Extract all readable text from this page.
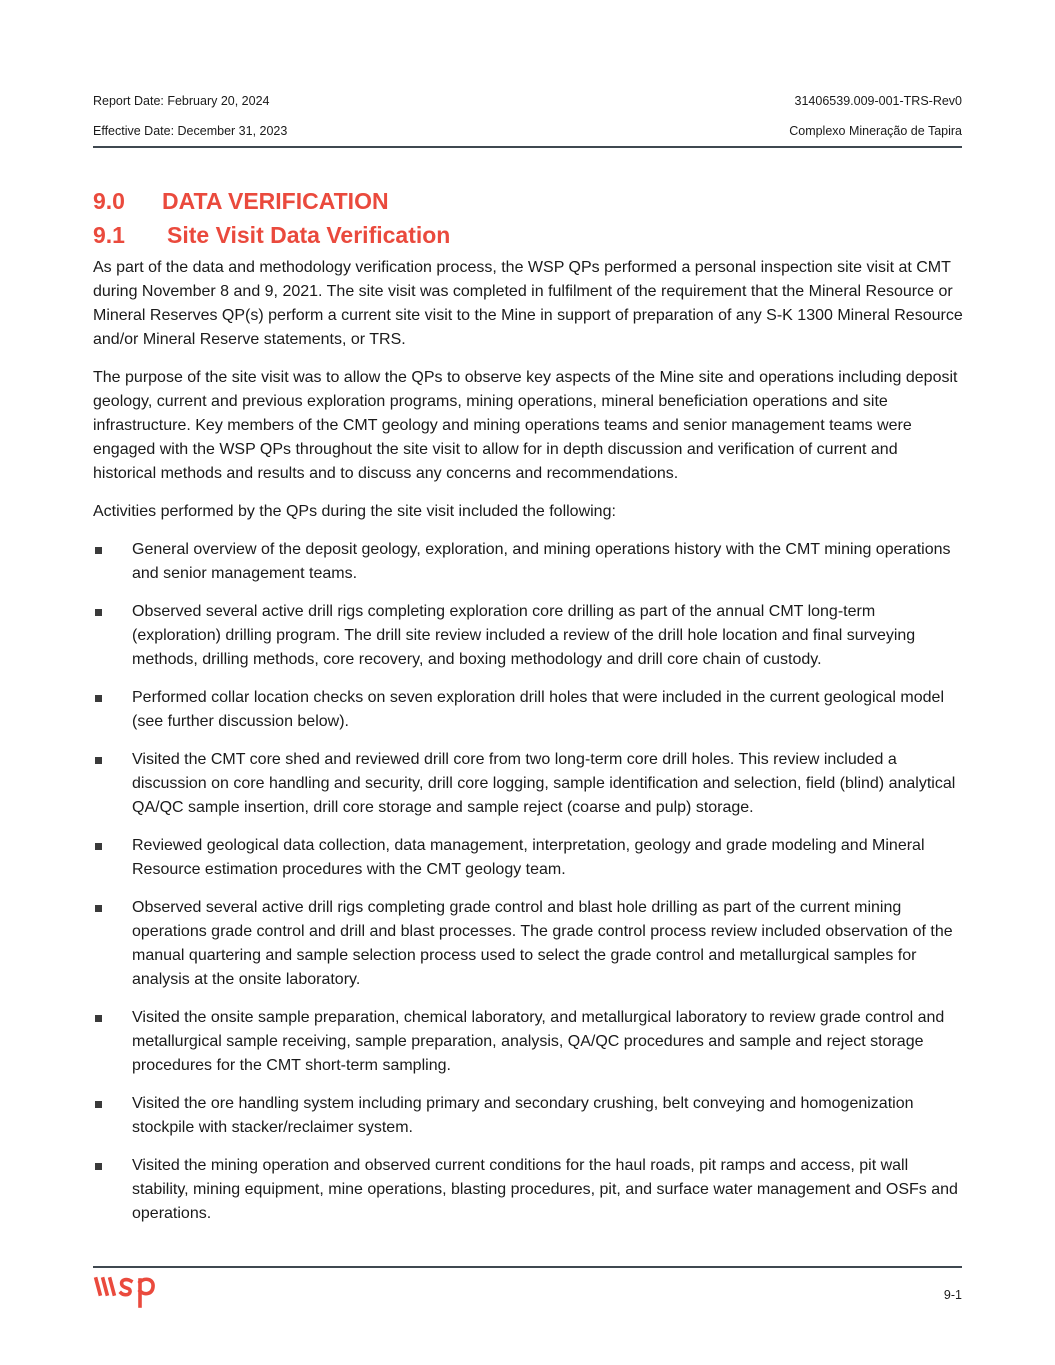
Report Date: February 20, 2024	31406539.009-001-TRS-Rev0
Effective Date: December 31, 2023	Complexo Mineração de Tapira
9.0	DATA VERIFICATION
9.1	Site Visit Data Verification

As part of the data and methodology verification process, the WSP QPs performed a personal inspection site visit at CMT during November 8 and 9, 2021. The site visit was completed in fulfilment of the requirement that the Mineral Resource or Mineral Reserves QP(s) perform a current site visit to the Mine in support of preparation of any S-K 1300 Mineral Resource and/or Mineral Reserve statements, or TRS.

The purpose of the site visit was to allow the QPs to observe key aspects of the Mine site and operations including deposit geology, current and previous exploration programs, mining operations, mineral beneficiation operations and site infrastructure. Key members of the CMT geology and mining operations teams and senior management teams were engaged with the WSP QPs throughout the site visit to allow for in depth discussion and verification of current and historical methods and results and to discuss any concerns and recommendations.

Activities performed by the QPs during the site visit included the following:

General overview of the deposit geology, exploration, and mining operations history with the CMT mining operations and senior management teams.
Observed several active drill rigs completing exploration core drilling as part of the annual CMT long-term (exploration) drilling program. The drill site review included a review of the drill hole location and final surveying methods, drilling methods, core recovery, and boxing methodology and drill core chain of custody.
Performed collar location checks on seven exploration drill holes that were included in the current geological model (see further discussion below).
Visited the CMT core shed and reviewed drill core from two long-term core drill holes. This review included a discussion on core handling and security, drill core logging, sample identification and selection, field (blind) analytical QA/QC sample insertion, drill core storage and sample reject (coarse and pulp) storage.
Reviewed geological data collection, data management, interpretation, geology and grade modeling and Mineral Resource estimation procedures with the CMT geology team.
Observed several active drill rigs completing grade control and blast hole drilling as part of the current mining operations grade control and drill and blast processes. The grade control process review included observation of the manual quartering and sample selection process used to select the grade control and metallurgical samples for analysis at the onsite laboratory.
Visited the onsite sample preparation, chemical laboratory, and metallurgical laboratory to review grade control and metallurgical sample receiving, sample preparation, analysis, QA/QC procedures and sample and reject storage procedures for the CMT short-term sampling.
Visited the ore handling system including primary and secondary crushing, belt conveying and homogenization stockpile with stacker/reclaimer system.
Visited the mining operation and observed current conditions for the haul roads, pit ramps and access, pit wall stability, mining equipment, mine operations, blasting procedures, pit, and surface water management and OSFs and operations.
9-1
